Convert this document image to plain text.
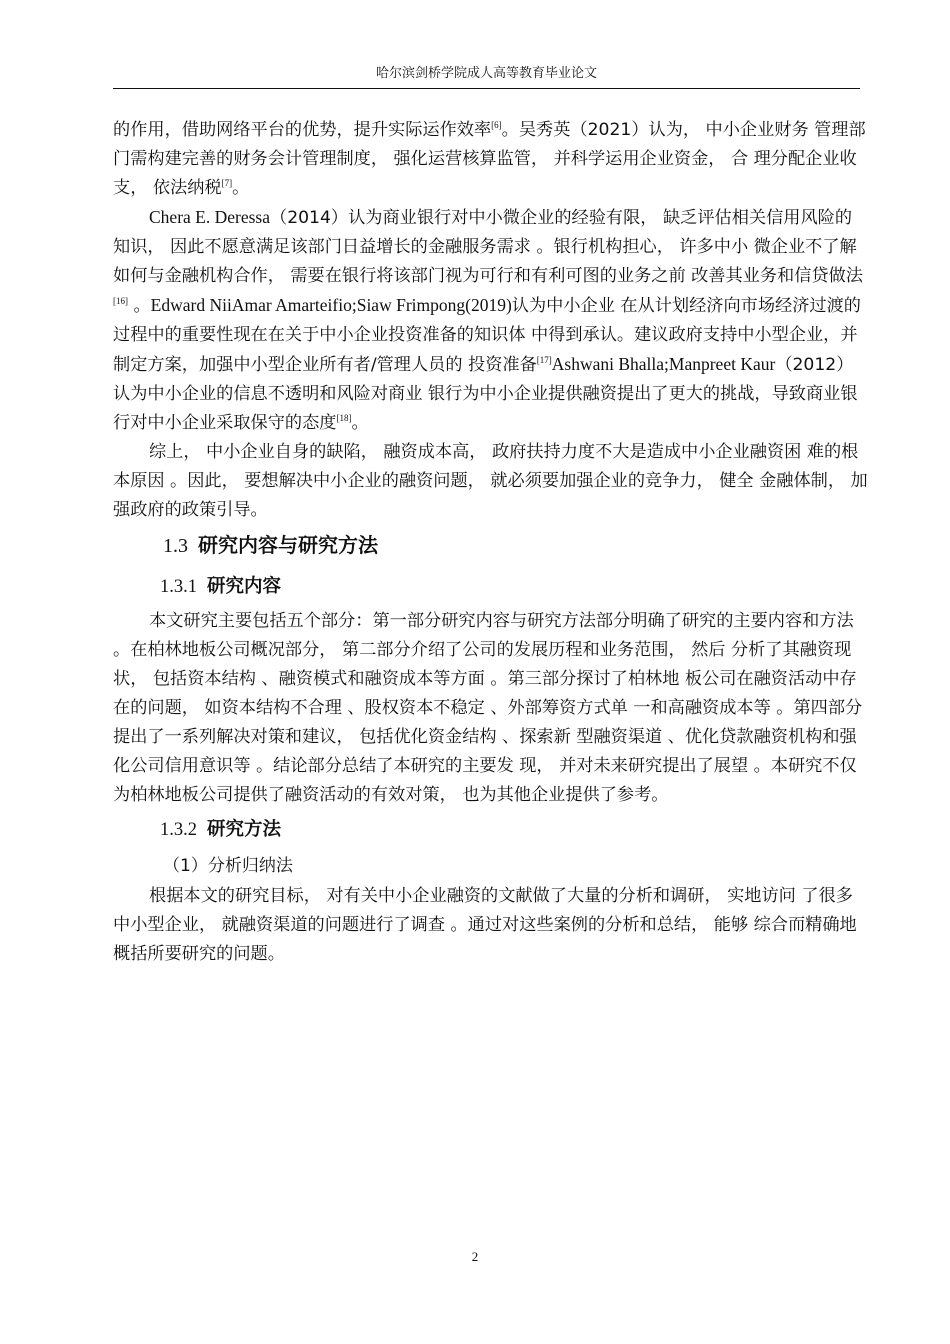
哈尔滨剑桥学院成人高等教育毕业论文

的作用，借助网络平台的优势，提升实际运作效率[6]。吴秀英（2021）认为， 中小企业财务 管理部门需构建完善的财务会计管理制度， 强化运营核算监管， 并科学运用企业资金， 合 理分配企业收支， 依法纳税[7]。

Chera E. Deressa（2014）认为商业银行对中小微企业的经验有限， 缺乏评估相关信用风险的知识， 因此不愿意满足该部门日益增长的金融服务需求 。银行机构担心， 许多中小 微企业不了解如何与金融机构合作， 需要在银行将该部门视为可行和有利可图的业务之前 改善其业务和信贷做法[16] 。Edward NiiAmar Amarteifio;Siaw Frimpong(2019)认为中小企业 在从计划经济向市场经济过渡的过程中的重要性现在在关于中小企业投资准备的知识体 中得到承认。建议政府支持中小型企业，并制定方案，加强中小型企业所有者/管理人员的 投资准备[17]Ashwani Bhalla;Manpreet Kaur（2012）认为中小企业的信息不透明和风险对商业 银行为中小企业提供融资提出了更大的挑战，导致商业银行对中小企业采取保守的态度[18]。

综上， 中小企业自身的缺陷， 融资成本高， 政府扶持力度不大是造成中小企业融资困 难的根本原因 。因此， 要想解决中小企业的融资问题， 就必须要加强企业的竞争力， 健全 金融体制， 加强政府的政策引导。

1.3 研究内容与研究方法
1.3.1 研究内容

本文研究主要包括五个部分：第一部分研究内容与研究方法部分明确了研究的主要内容和方法 。在柏林地板公司概况部分， 第二部分介绍了公司的发展历程和业务范围， 然后 分析了其融资现状， 包括资本结构 、融资模式和融资成本等方面 。第三部分探讨了柏林地 板公司在融资活动中存在的问题， 如资本结构不合理 、股权资本不稳定 、外部筹资方式单 一和高融资成本等 。第四部分提出了一系列解决对策和建议， 包括优化资金结构 、探索新 型融资渠道 、优化贷款融资机构和强化公司信用意识等 。结论部分总结了本研究的主要发 现， 并对未来研究提出了展望 。本研究不仅为柏林地板公司提供了融资活动的有效对策， 也为其他企业提供了参考。

1.3.2 研究方法
（1）分析归纳法

根据本文的研究目标， 对有关中小企业融资的文献做了大量的分析和调研， 实地访问 了很多中小型企业， 就融资渠道的问题进行了调查 。通过对这些案例的分析和总结， 能够 综合而精确地概括所要研究的问题。

2
